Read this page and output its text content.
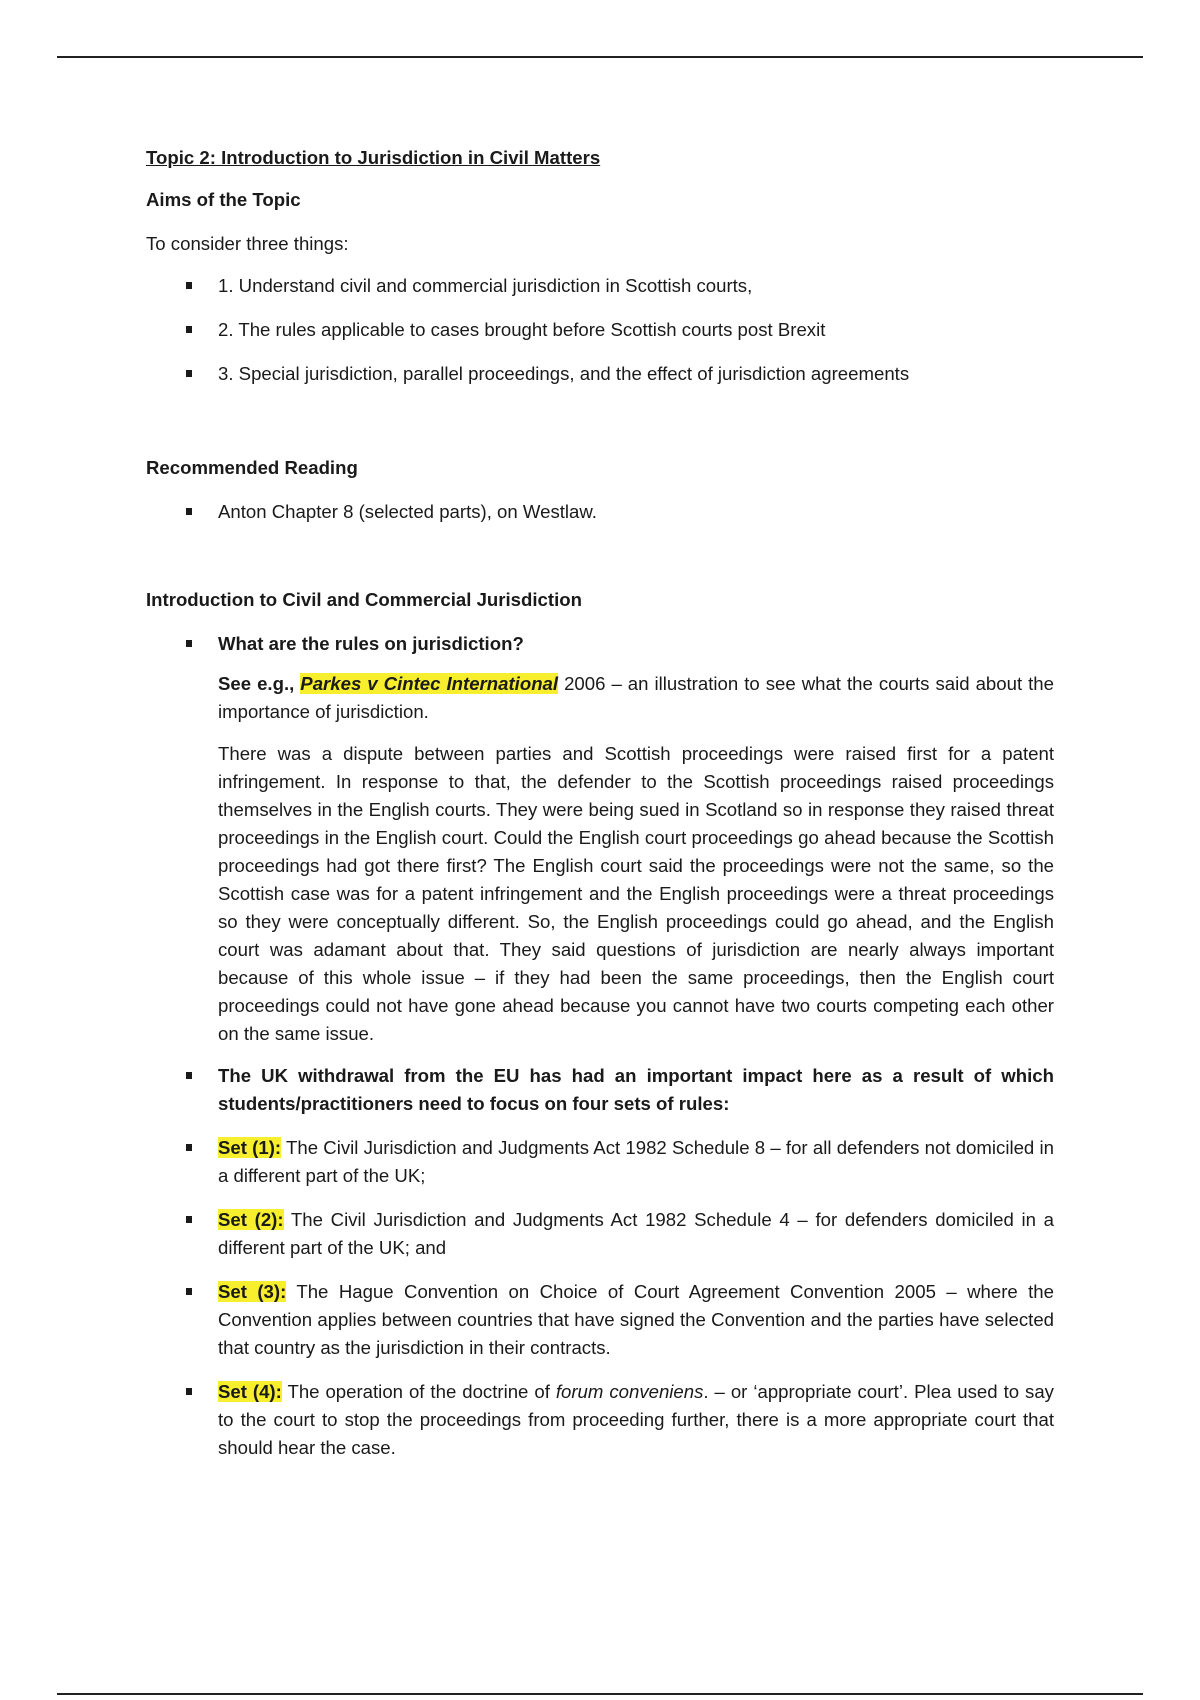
Topic 2: Introduction to Jurisdiction in Civil Matters
Aims of the Topic

To consider three things:

1. Understand civil and commercial jurisdiction in Scottish courts,
2. The rules applicable to cases brought before Scottish courts post Brexit
3. Special jurisdiction, parallel proceedings, and the effect of jurisdiction agreements
Recommended Reading
Anton Chapter 8 (selected parts), on Westlaw.
Introduction to Civil and Commercial Jurisdiction
What are the rules on jurisdiction?
See e.g., Parkes v Cintec International 2006 – an illustration to see what the courts said about the importance of jurisdiction.
There was a dispute between parties and Scottish proceedings were raised first for a patent infringement. In response to that, the defender to the Scottish proceedings raised proceedings themselves in the English courts. They were being sued in Scotland so in response they raised threat proceedings in the English court. Could the English court proceedings go ahead because the Scottish proceedings had got there first? The English court said the proceedings were not the same, so the Scottish case was for a patent infringement and the English proceedings were a threat proceedings so they were conceptually different. So, the English proceedings could go ahead, and the English court was adamant about that. They said questions of jurisdiction are nearly always important because of this whole issue – if they had been the same proceedings, then the English court proceedings could not have gone ahead because you cannot have two courts competing each other on the same issue.
The UK withdrawal from the EU has had an important impact here as a result of which students/practitioners need to focus on four sets of rules:
Set (1): The Civil Jurisdiction and Judgments Act 1982 Schedule 8 – for all defenders not domiciled in a different part of the UK;
Set (2): The Civil Jurisdiction and Judgments Act 1982 Schedule 4 – for defenders domiciled in a different part of the UK; and
Set (3): The Hague Convention on Choice of Court Agreement Convention 2005 – where the Convention applies between countries that have signed the Convention and the parties have selected that country as the jurisdiction in their contracts.
Set (4): The operation of the doctrine of forum conveniens. – or ‘appropriate court’. Plea used to say to the court to stop the proceedings from proceeding further, there is a more appropriate court that should hear the case.
